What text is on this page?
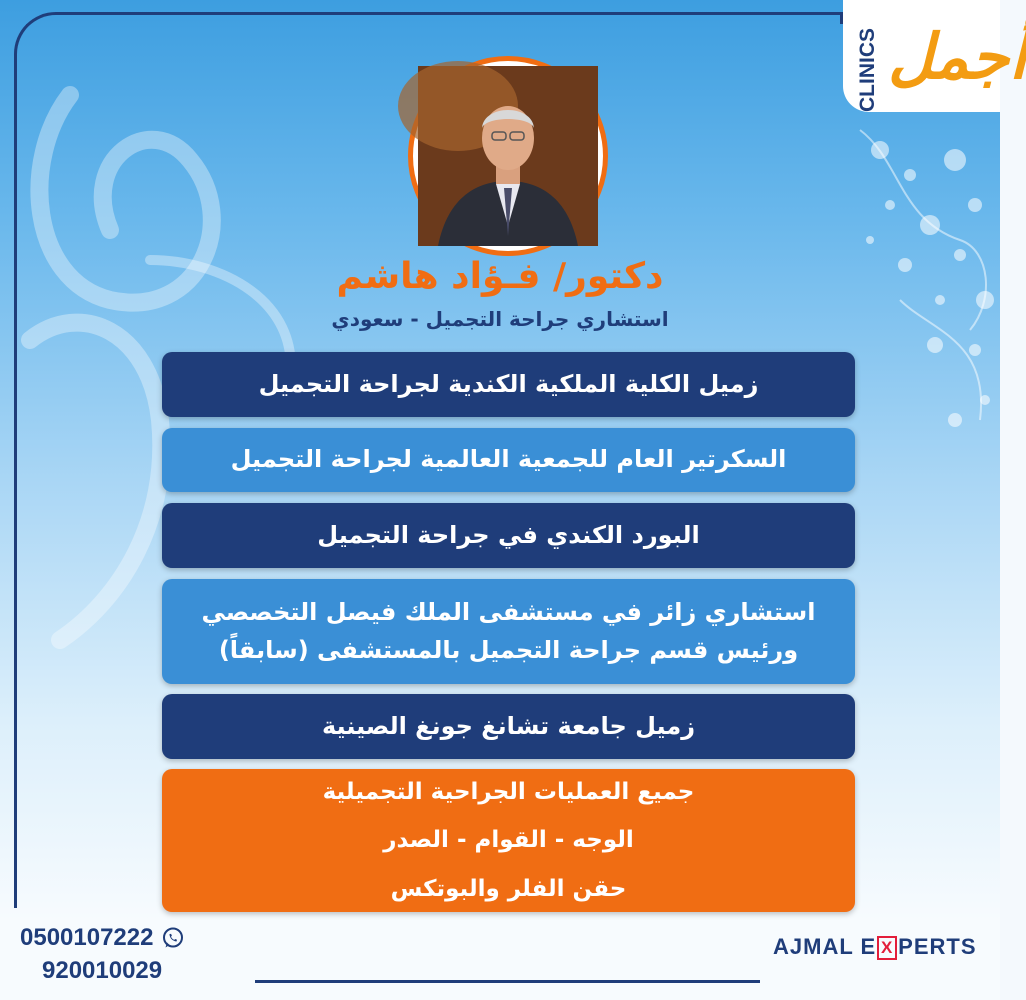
CLINICS أجمل
دكتور/ فـؤاد هاشم
استشاري جراحة التجميل - سعودي
زميل الكلية الملكية الكندية لجراحة التجميل
السكرتير العام للجمعية العالمية لجراحة التجميل
البورد الكندي في جراحة التجميل
استشاري زائر في مستشفى الملك فيصل التخصصي
ورئيس قسم جراحة التجميل بالمستشفى (سابقاً)
زميل جامعة تشانغ جونغ الصينية
جميع العمليات الجراحية التجميلية
الوجه - القوام - الصدر
حقن الفلر والبوتكس
0500107222
920010029
AJMAL E X PERTS
